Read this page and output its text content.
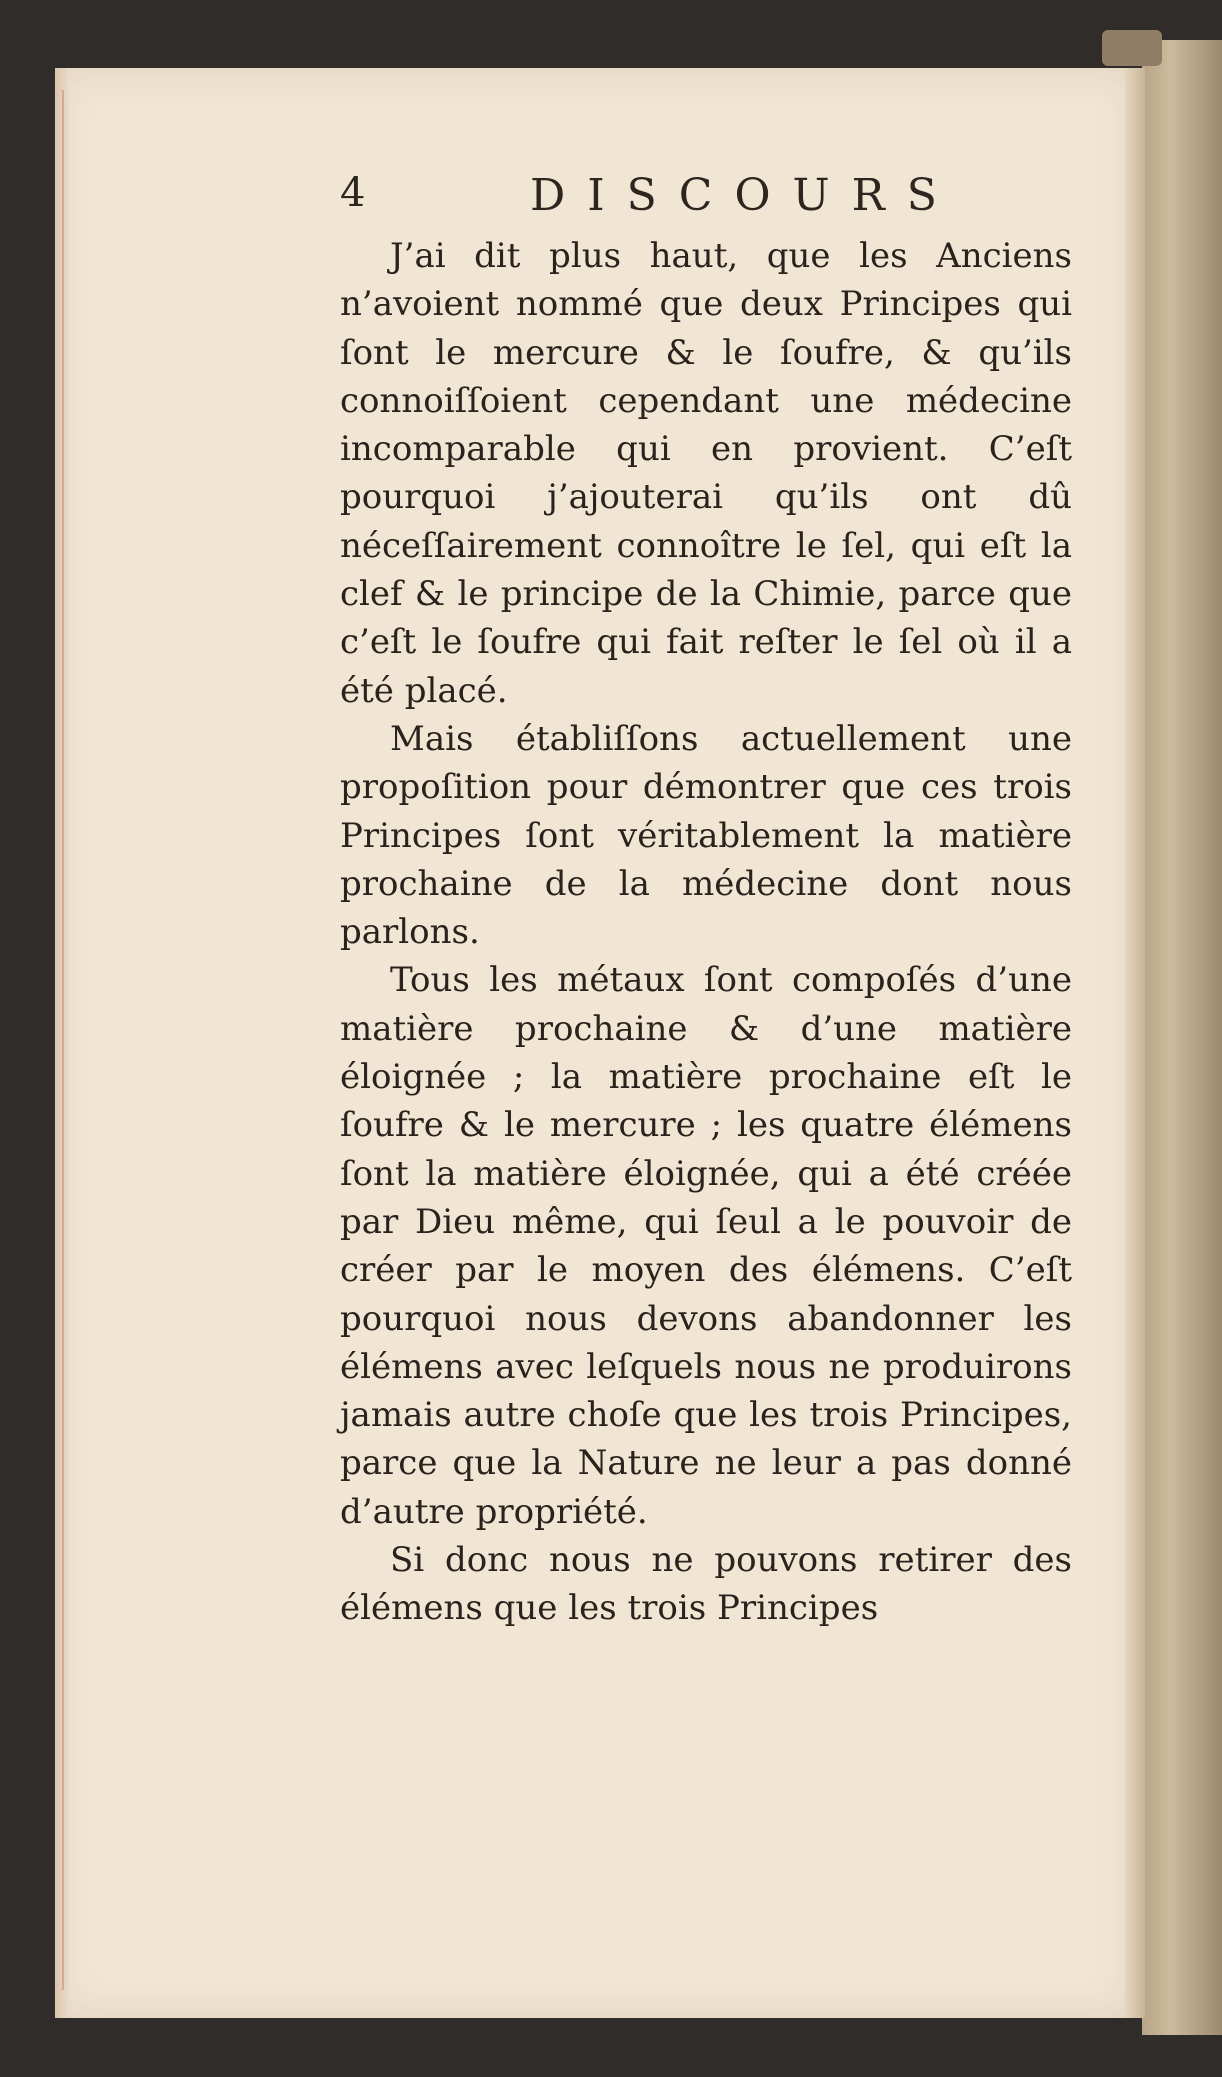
4	DISCOURS

J’ai dit plus haut, que les Anciens n’avoient nommé que deux Principes qui ſont le mercure & le ſoufre, & qu’ils connoiſſoient cependant une médecine incomparable qui en provient. C’eſt pourquoi j’ajouterai qu’ils ont dû néceſſairement connoître le ſel, qui eſt la clef & le principe de la Chimie, parce que c’eſt le ſoufre qui fait reſter le ſel où il a été placé.

Mais établiſſons actuellement une propoſition pour démontrer que ces trois Principes ſont véritablement la matière prochaine de la médecine dont nous parlons.

Tous les métaux ſont compoſés d’une matière prochaine & d’une matière éloignée ; la matière prochaine eſt le ſoufre & le mercure ; les quatre élémens ſont la matière éloignée, qui a été créée par Dieu même, qui ſeul a le pouvoir de créer par le moyen des élémens. C’eſt pourquoi nous devons abandonner les élémens avec leſquels nous ne produirons jamais autre choſe que les trois Principes, parce que la Nature ne leur a pas donné d’autre propriété.

Si donc nous ne pouvons retirer des élémens que les trois Principes
